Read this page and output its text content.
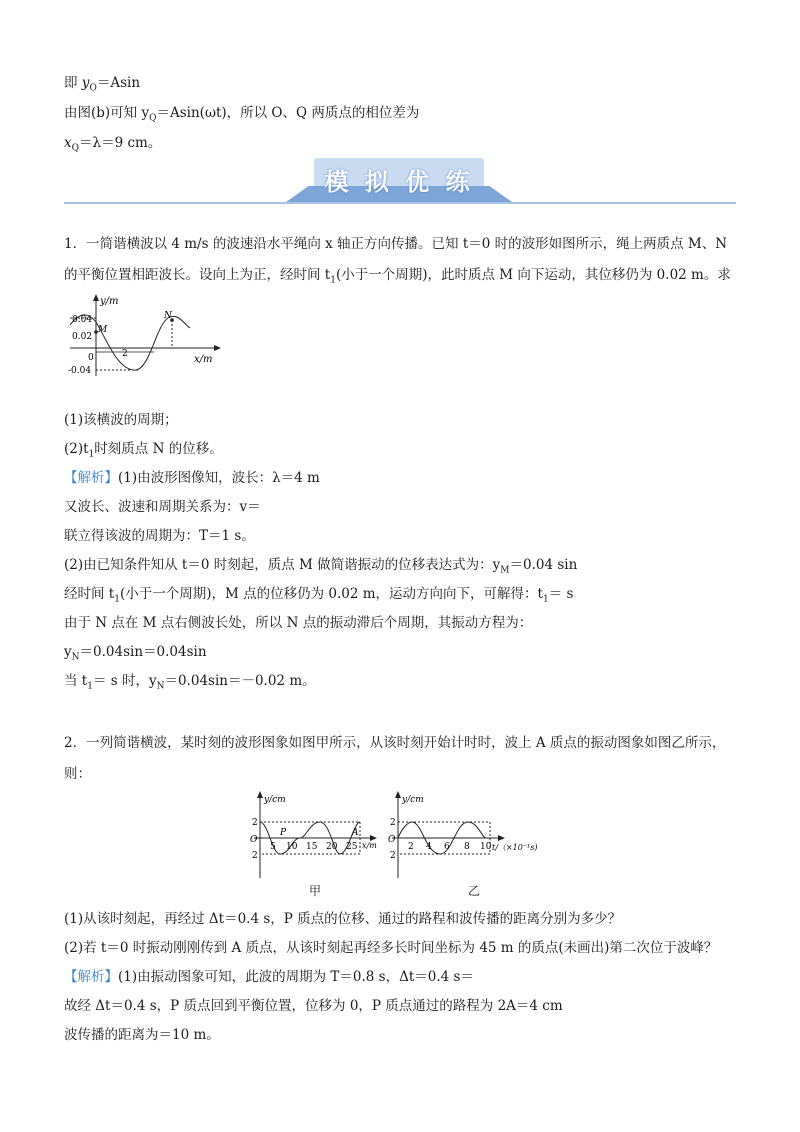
即 $y_O=Asin$
由图(b)可知 $y_Q=Asin(\omega t)$，所以 O、Q 两质点的相位差为
$x_Q=\lambda=9$ cm。
模 拟 优 练
1．一简谐横波以 4 m/s 的波速沿水平绳向 x 轴正方向传播。已知 t＝0 时的波形如图所示，绳上两质点 M、N
的平衡位置相距波长。设向上为正，经时间 $t_1$(小于一个周期)，此时质点 M 向下运动，其位移仍为 0.02 m。求
y/m
x/m
0
0.04
0.02
-0.04
M
N
2
(1)该横波的周期；
$(2)t_1$时刻质点 N 的位移。
【解析】(1)由波形图像知，波长：λ＝4 m
又波长、波速和周期关系为：v＝
联立得该波的周期为：T＝1 s。
(2)由已知条件知从 t＝0 时刻起，质点 M 做简谐振动的位移表达式为：$y_M=0.04$ sin
经时间 $t_1$(小于一个周期)，M 点的位移仍为 0.02 m，运动方向向下，可解得：$t_1= s$
由于 N 点在 M 点右侧波长处，所以 N 点的振动滞后个周期，其振动方程为：
$y_N=0.04\sin=0.04\sin$
当 $t_1= s$ 时，$y_N=0.04\sin=-0.02$ m。
2．一列简谐横波，某时刻的波形图象如图甲所示，从该时刻开始计时时，波上 A 质点的振动图象如图乙所示，
则：
y/cm
x/m
O
2
2
5 10 15 20 25
P	A
甲
y/cm
t/（×10⁻¹s)
O
2
2
2 4 6 8 10
乙
(1)从该时刻起，再经过 Δt＝0.4 s，P 质点的位移、通过的路程和波传播的距离分别为多少？
(2)若 t＝0 时振动刚刚传到 A 质点，从该时刻起再经多长时间坐标为 45 m 的质点(未画出)第二次位于波峰？
【解析】(1)由振动图象可知，此波的周期为 T＝0.8 s，Δt＝0.4 s＝
故经 Δt＝0.4 s，P 质点回到平衡位置，位移为 0，P 质点通过的路程为 2A＝4 cm
波传播的距离为＝10 m。
